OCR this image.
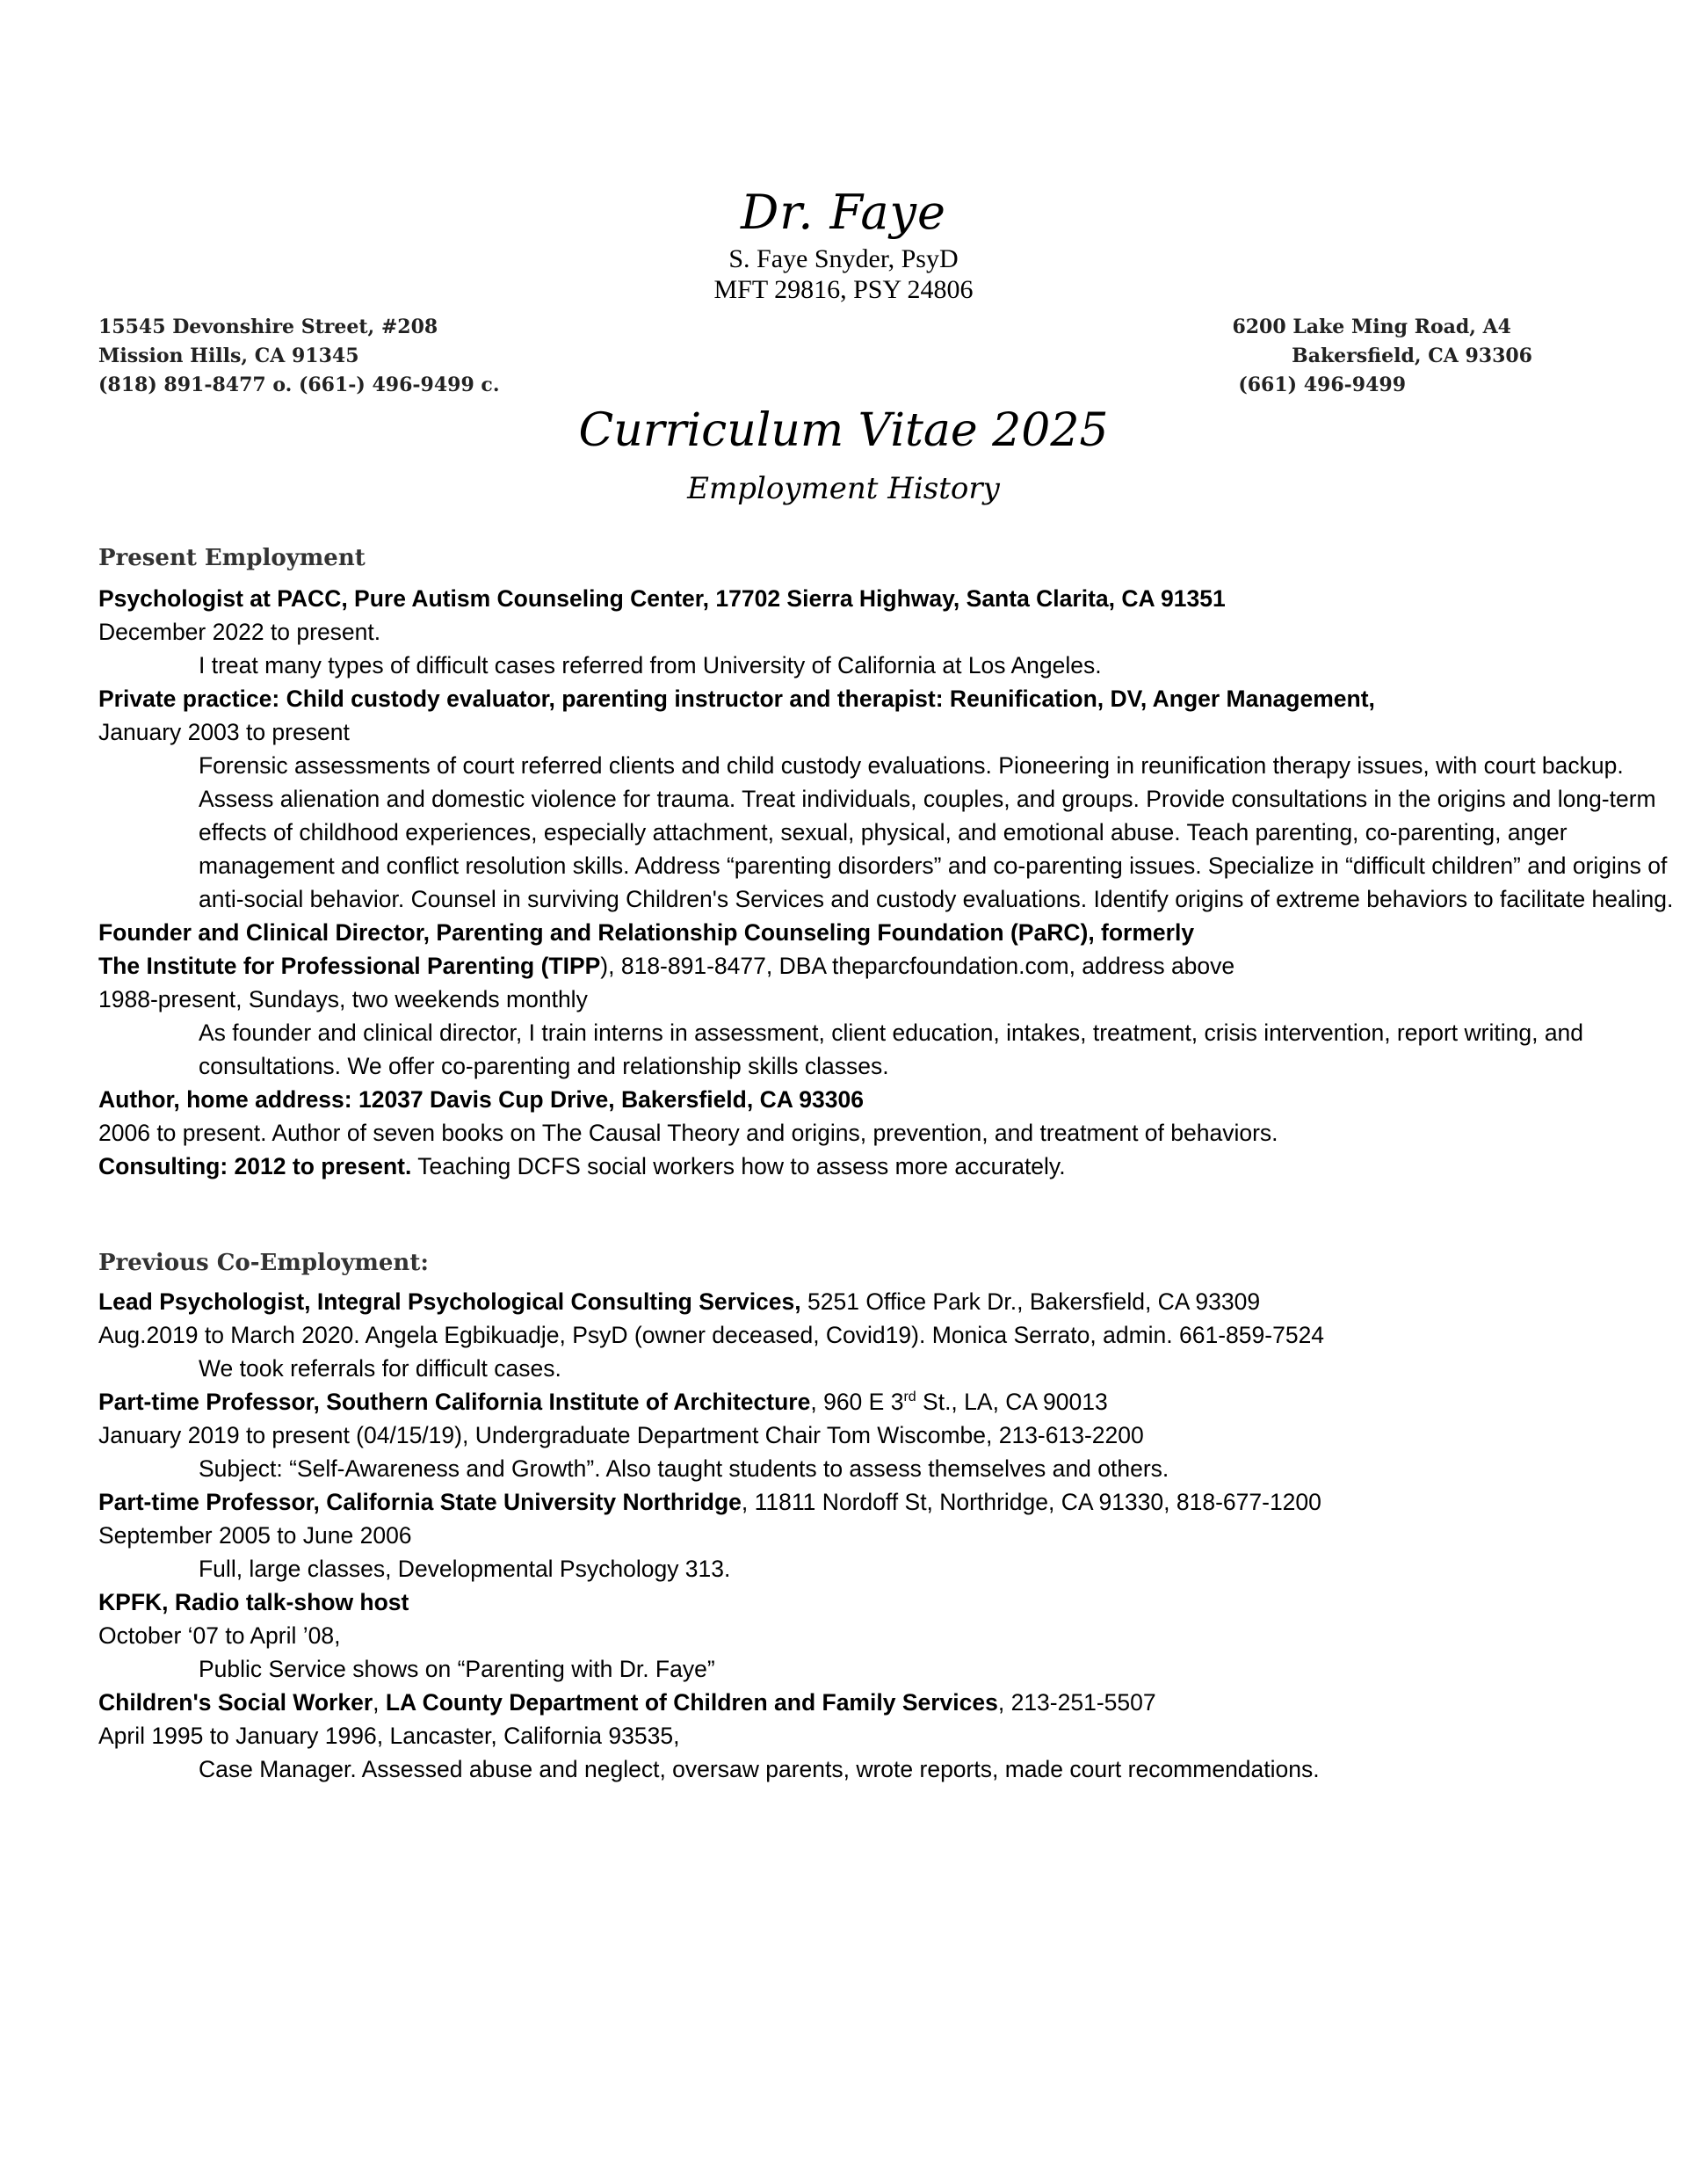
Dr. Faye
S. Faye Snyder, PsyD
MFT 29816, PSY 24806
15545 Devonshire Street, #208
Mission Hills, CA 91345
(818) 891-8477 o. (661-) 496-9499 c.
6200 Lake Ming Road, A4
Bakersfield, CA 93306
(661) 496-9499
Curriculum Vitae 2025
Employment History
Present Employment
Psychologist at PACC, Pure Autism Counseling Center, 17702 Sierra Highway, Santa Clarita, CA 91351
December 2022 to present.
I treat many types of difficult cases referred from University of California at Los Angeles.
Private practice: Child custody evaluator, parenting instructor and therapist: Reunification, DV, Anger Management,
January 2003 to present
Forensic assessments of court referred clients and child custody evaluations. Pioneering in reunification therapy issues, with court backup. Assess alienation and domestic violence for trauma. Treat individuals, couples, and groups. Provide consultations in the origins and long-term effects of childhood experiences, especially attachment, sexual, physical, and emotional abuse. Teach parenting, co-parenting, anger management and conflict resolution skills. Address “parenting disorders” and co-parenting issues. Specialize in “difficult children” and origins of anti-social behavior. Counsel in surviving Children's Services and custody evaluations. Identify origins of extreme behaviors to facilitate healing.
Founder and Clinical Director, Parenting and Relationship Counseling Foundation (PaRC), formerly
The Institute for Professional Parenting (TIPP), 818-891-8477, DBA theparcfoundation.com, address above
1988-present, Sundays, two weekends monthly
As founder and clinical director, I train interns in assessment, client education, intakes, treatment, crisis intervention, report writing, and consultations. We offer co-parenting and relationship skills classes.
Author, home address: 12037 Davis Cup Drive, Bakersfield, CA 93306
2006 to present. Author of seven books on The Causal Theory and origins, prevention, and treatment of behaviors.
Consulting: 2012 to present. Teaching DCFS social workers how to assess more accurately.
Previous Co-Employment:
Lead Psychologist, Integral Psychological Consulting Services, 5251 Office Park Dr., Bakersfield, CA 93309
Aug.2019 to March 2020. Angela Egbikuadje, PsyD (owner deceased, Covid19). Monica Serrato, admin. 661-859-7524
We took referrals for difficult cases.
Part-time Professor, Southern California Institute of Architecture, 960 E 3rd St., LA, CA 90013
January 2019 to present (04/15/19), Undergraduate Department Chair Tom Wiscombe, 213-613-2200
Subject: “Self-Awareness and Growth”. Also taught students to assess themselves and others.
Part-time Professor, California State University Northridge, 11811 Nordoff St, Northridge, CA 91330, 818-677-1200
September 2005 to June 2006
Full, large classes, Developmental Psychology 313.
KPFK, Radio talk-show host
October ‘07 to April ’08,
Public Service shows on “Parenting with Dr. Faye”
Children's Social Worker, LA County Department of Children and Family Services, 213-251-5507
April 1995 to January 1996, Lancaster, California 93535,
Case Manager. Assessed abuse and neglect, oversaw parents, wrote reports, made court recommendations.
